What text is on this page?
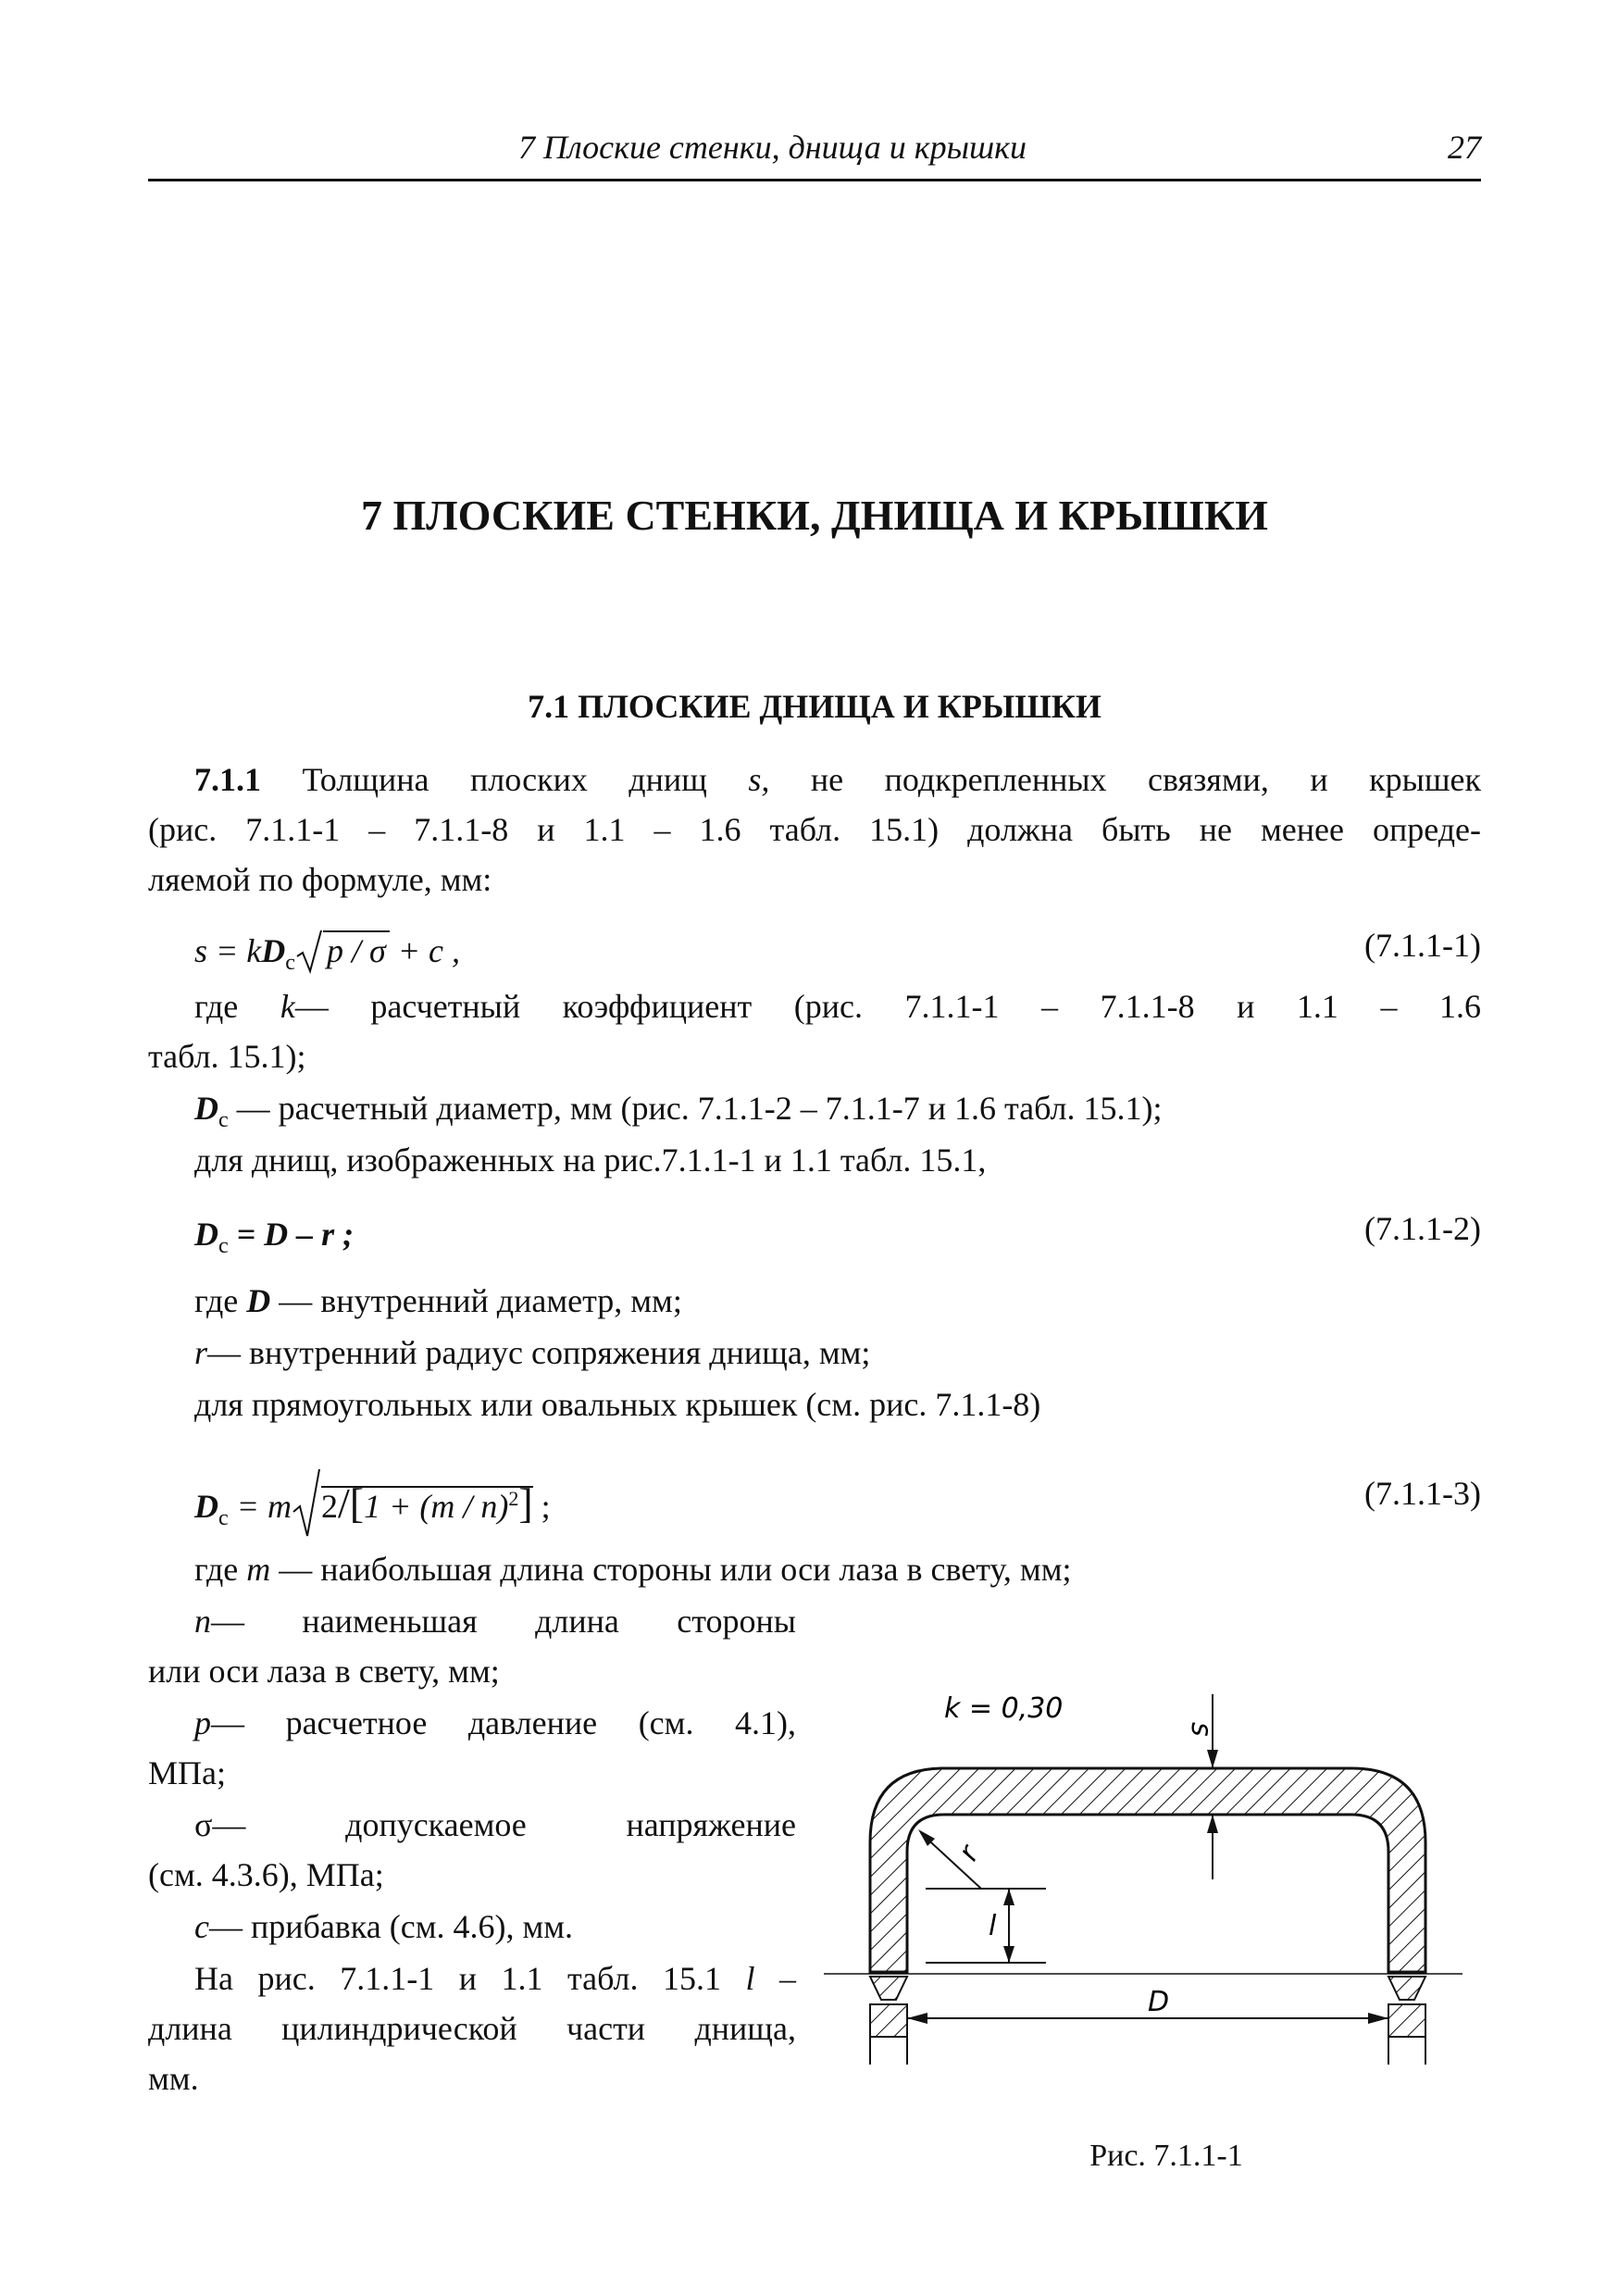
7 Плоские стенки, днища и крышки	27
7 ПЛОСКИЕ СТЕНКИ, ДНИЩА И КРЫШКИ
7.1 ПЛОСКИЕ ДНИЩА И КРЫШКИ
7.1.1 Толщина плоских днищ s, не подкрепленных связями, и крышек
(рис. 7.1.1-1 – 7.1.1-8 и 1.1 – 1.6 табл. 15.1) должна быть не менее опреде-
ляемой по формуле, мм:
$s = kD_c$ p / σ + c ,	(7.1.1-1)
где k— расчетный коэффициент (рис. 7.1.1-1 – 7.1.1-8 и 1.1 – 1.6
табл. 15.1);
$D_c$ — расчетный диаметр, мм (рис. 7.1.1-2 – 7.1.1-7 и 1.6 табл. 15.1);
для днищ, изображенных на рис.7.1.1-1 и 1.1 табл. 15.1,
$D_c = D - r$ ;	(7.1.1-2)
где D — внутренний диаметр, мм;
r— внутренний радиус сопряжения днища, мм;
для прямоугольных или овальных крышек (см. рис. 7.1.1-8)
$D_c = m$ 2/[1 + (m / n)$^2$] ;	(7.1.1-3)
где m — наибольшая длина стороны или оси лаза в свету, мм;
n— наименьшая длина стороны
или оси лаза в свету, мм;
p— расчетное давление (см. 4.1),
МПа;
σ— допускаемое напряжение
(см. 4.3.6), МПа;
c— прибавка (см. 4.6), мм.
На рис. 7.1.1-1 и 1.1 табл. 15.1 l –
длина цилиндрической части днища,
мм.
k = 0,30
s
r
l
D
Рис. 7.1.1-1
